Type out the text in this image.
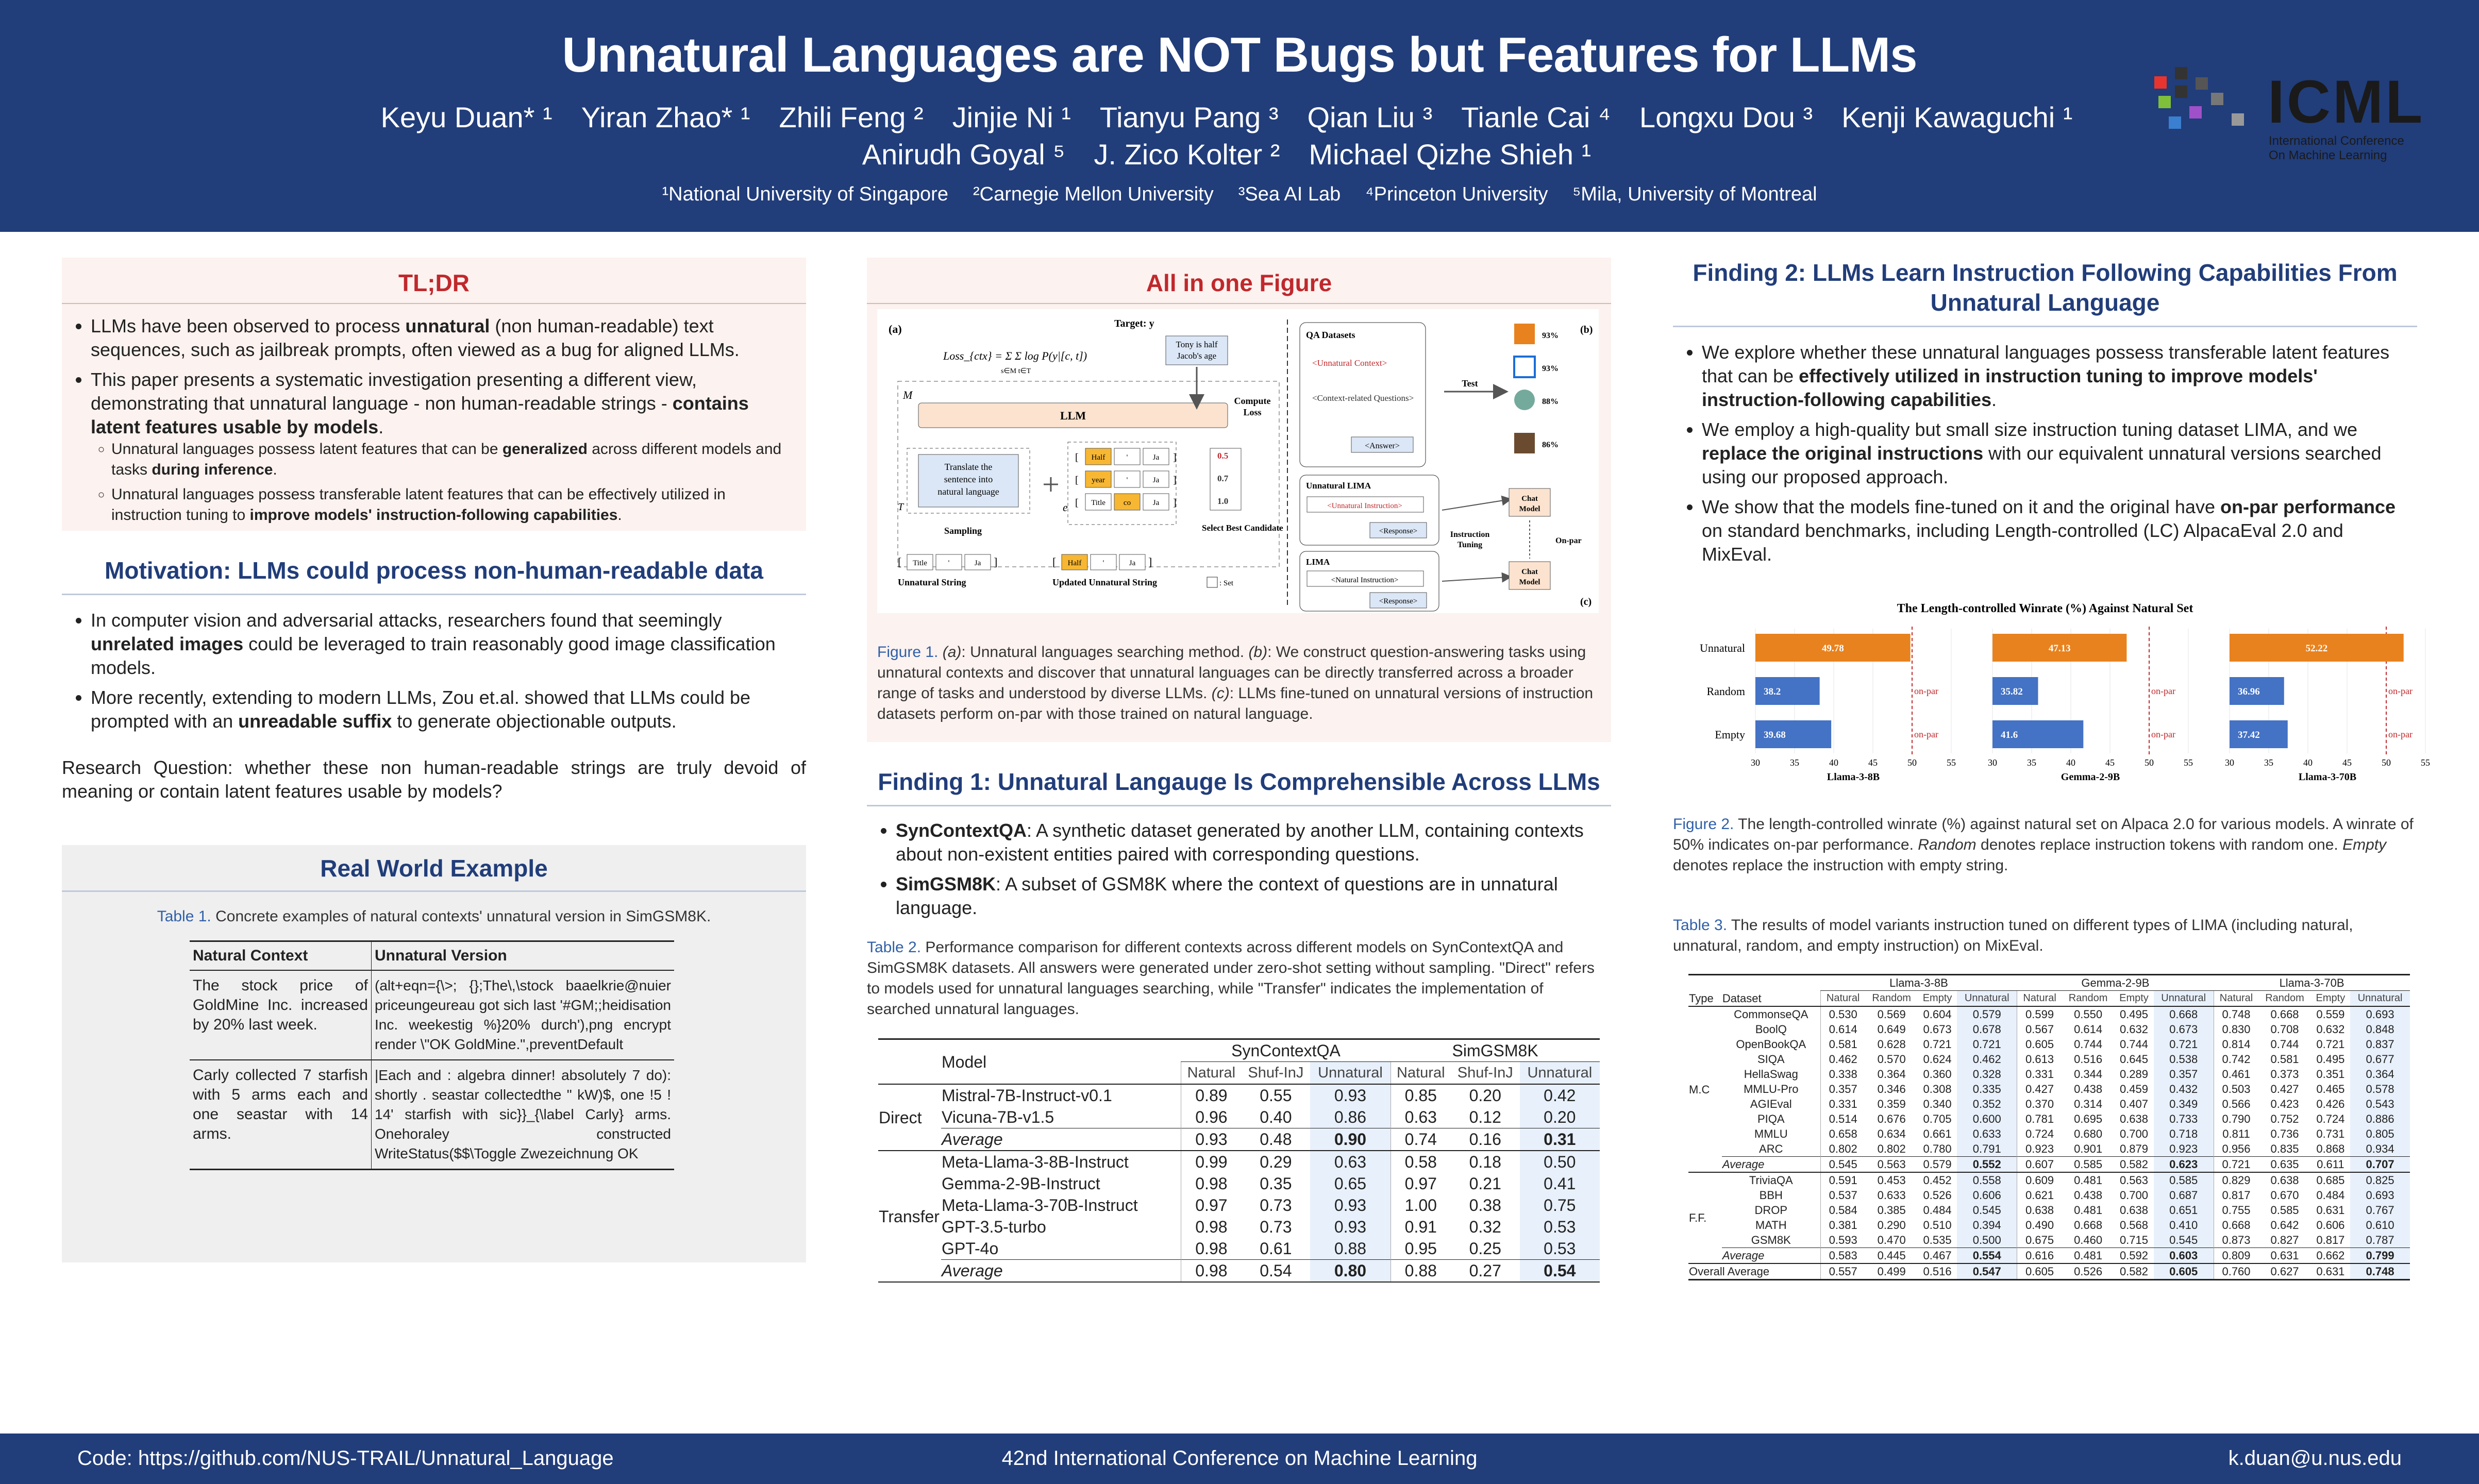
Unnatural Languages are NOT Bugs but Features for LLMs
Keyu Duan* ¹ Yiran Zhao* ¹ Zhili Feng ² Jinjie Ni ¹ Tianyu Pang ³ Qian Liu ³ Tianle Cai ⁴ Longxu Dou ³ Kenji Kawaguchi ¹
Anirudh Goyal ⁵ J. Zico Kolter ² Michael Qizhe Shieh ¹
¹National University of Singapore ²Carnegie Mellon University ³Sea AI Lab ⁴Princeton University ⁵Mila, University of Montreal
ICML
International Conference
On Machine Learning
TL;DR
• LLMs have been observed to process unnatural (non human-readable) text sequences, such as jailbreak prompts, often viewed as a bug for aligned LLMs.
• This paper presents a systematic investigation presenting a different view, demonstrating that unnatural language - non human-readable strings - contains latent features usable by models.
◦ Unnatural languages possess latent features that can be generalized across different models and tasks during inference.
◦ Unnatural languages possess transferable latent features that can be effectively utilized in instruction tuning to improve models' instruction-following capabilities.
Motivation: LLMs could process non-human-readable data
• In computer vision and adversarial attacks, researchers found that seemingly unrelated images could be leveraged to train reasonably good image classification models.
• More recently, extending to modern LLMs, Zou et.al. showed that LLMs could be prompted with an unreadable suffix to generate objectionable outputs.
Research Question: whether these non human-readable strings are truly devoid of meaning or contain latent features usable by models?
Real World Example
Table 1. Concrete examples of natural contexts' unnatural version in SimGSM8K.
Natural Context	Unnatural Version
The stock price of GoldMine Inc. increased by 20% last week.	(alt+eqn={\>; {};The\,\stock baaelkrie@nuier priceungeureau got sich last '#GM;;heidisation Inc. weekestig %}20% durch'),png encrypt render \"OK GoldMine.",preventDefault
Carly collected 7 starfish with 5 arms each and one seastar with 14 arms.	|Each and : algebra dinner! absolutely 7 do): shortly . seastar collectedthe " kW)$, one !5 ! 14' starfish with sic}}_{\label Carly} arms. Onehoraley constructed WriteStatus($$\Toggle Zwezeichnung OK
All in one Figure
(a)	Target: y
Tony is half
Jacob's age
Loss_{ctx} = Σ Σ log P(y|[c, t])
s∈M t∈T
M
LLM
Compute
Loss
Translate the
sentence into
natural language
T
+
e
[ Half	'	Ja ]
[ year	'	Ja ]
[ Title co	Ja ]
0.5
0.7
1.0
Sampling	Select Best Candidate
[ Title	'	Ja ]
Unnatural String
[ Half	'	Ja ]
Updated Unnatural String	: Set
QA Datasets
<Unnatural Context>
<Context-related Questions>
<Answer>
Test
93%
93%
88%
86%
(b)
Unnatural LIMA
<Unnatural Instruction>
<Response>
LIMA
<Natural Instruction>
<Response>
Instruction
Tuning
Chat
Model
Chat
Model
On-par
(c)
Figure 1. (a): Unnatural languages searching method. (b): We construct question-answering tasks using unnatural contexts and discover that unnatural languages can be directly transferred across a broader range of tasks and understood by diverse LLMs. (c): LLMs fine-tuned on unnatural versions of instruction datasets perform on-par with those trained on natural language.
Finding 1: Unnatural Langauge Is Comprehensible Across LLMs
• SynContextQA: A synthetic dataset generated by another LLM, containing contexts about non-existent entities paired with corresponding questions.
• SimGSM8K: A subset of GSM8K where the context of questions are in unnatural language.
Table 2. Performance comparison for different contexts across different models on SynContextQA and SimGSM8K datasets. All answers were generated under zero-shot setting without sampling. "Direct" refers to models used for unnatural languages searching, while "Transfer" indicates the implementation of searched unnatural languages.
	Model	SynContextQA			SimGSM8K		
		Natural	Shuf-InJ	Unnatural	Natural	Shuf-InJ	Unnatural
Direct	Mistral-7B-Instruct-v0.1	0.89	0.55	0.93	0.85	0.20	0.42
	Vicuna-7B-v1.5	0.96	0.40	0.86	0.63	0.12	0.20
	Average	0.93	0.48	0.90	0.74	0.16	0.31
Transfer	Meta-Llama-3-8B-Instruct	0.99	0.29	0.63	0.58	0.18	0.50
	Gemma-2-9B-Instruct	0.98	0.35	0.65	0.97	0.21	0.41
	Meta-Llama-3-70B-Instruct	0.97	0.73	0.93	1.00	0.38	0.75
	GPT-3.5-turbo	0.98	0.73	0.93	0.91	0.32	0.53
	GPT-4o	0.98	0.61	0.88	0.95	0.25	0.53
	Average	0.98	0.54	0.80	0.88	0.27	0.54
Finding 2: LLMs Learn Instruction Following Capabilities From Unnatural Language
• We explore whether these unnatural languages possess transferable latent features that can be effectively utilized in instruction tuning to improve models' instruction-following capabilities.
• We employ a high-quality but small size instruction tuning dataset LIMA, and we replace the original instructions with our equivalent unnatural versions searched using our proposed approach.
• We show that the models fine-tuned on it and the original have on-par performance on standard benchmarks, including Length-controlled (LC) AlpacaEval 2.0 and MixEval.
The Length-controlled Winrate (%) Against Natural Set
Unnatural
Random
Empty
30	35	40	45	50	55
49.78
38.2	on-par
39.68	on-par
Llama-3-8B
30	35	40	45	50	55
47.13
35.82	on-par
41.6	on-par
Gemma-2-9B
30	35	40	45	50	55
52.22
36.96	on-par
37.42	on-par
Llama-3-70B
Figure 2. The length-controlled winrate (%) against natural set on Alpaca 2.0 for various models. A winrate of 50% indicates on-par performance. Random denotes replace instruction tokens with random one. Empty denotes replace the instruction with empty string.
Table 3. The results of model variants instruction tuned on different types of LIMA (including natural, unnatural, random, and empty instruction) on MixEval.
Type	Dataset	Llama-3-8B				Gemma-2-9B				Llama-3-70B			
		Natural	Random	Empty	Unnatural	Natural	Random	Empty	Unnatural	Natural	Random	Empty	Unnatural
M.C	CommonseQA	0.530	0.569	0.604	0.579	0.599	0.550	0.495	0.668	0.748	0.668	0.559	0.693
	BoolQ	0.614	0.649	0.673	0.678	0.567	0.614	0.632	0.673	0.830	0.708	0.632	0.848
	OpenBookQA	0.581	0.628	0.721	0.721	0.605	0.744	0.744	0.721	0.814	0.744	0.721	0.837
	SIQA	0.462	0.570	0.624	0.462	0.613	0.516	0.645	0.538	0.742	0.581	0.495	0.677
	HellaSwag	0.338	0.364	0.360	0.328	0.331	0.344	0.289	0.357	0.461	0.373	0.351	0.364
	MMLU-Pro	0.357	0.346	0.308	0.335	0.427	0.438	0.459	0.432	0.503	0.427	0.465	0.578
	AGIEval	0.331	0.359	0.340	0.352	0.370	0.314	0.407	0.349	0.566	0.423	0.426	0.543
	PIQA	0.514	0.676	0.705	0.600	0.781	0.695	0.638	0.733	0.790	0.752	0.724	0.886
	MMLU	0.658	0.634	0.661	0.633	0.724	0.680	0.700	0.718	0.811	0.736	0.731	0.805
	ARC	0.802	0.802	0.780	0.791	0.923	0.901	0.879	0.923	0.956	0.835	0.868	0.934
	Average	0.545	0.563	0.579	0.552	0.607	0.585	0.582	0.623	0.721	0.635	0.611	0.707
F.F.	TriviaQA	0.591	0.453	0.452	0.558	0.609	0.481	0.563	0.585	0.829	0.638	0.685	0.825
	BBH	0.537	0.633	0.526	0.606	0.621	0.438	0.700	0.687	0.817	0.670	0.484	0.693
	DROP	0.584	0.385	0.484	0.545	0.638	0.481	0.638	0.651	0.755	0.585	0.631	0.767
	MATH	0.381	0.290	0.510	0.394	0.490	0.668	0.568	0.410	0.668	0.642	0.606	0.610
	GSM8K	0.593	0.470	0.535	0.500	0.675	0.460	0.715	0.545	0.873	0.827	0.817	0.787
	Average	0.583	0.445	0.467	0.554	0.616	0.481	0.592	0.603	0.809	0.631	0.662	0.799
Overall Average		0.557	0.499	0.516	0.547	0.605	0.526	0.582	0.605	0.760	0.627	0.631	0.748
Code: https://github.com/NUS-TRAIL/Unnatural_Language	42nd International Conference on Machine Learning	k.duan@u.nus.edu
